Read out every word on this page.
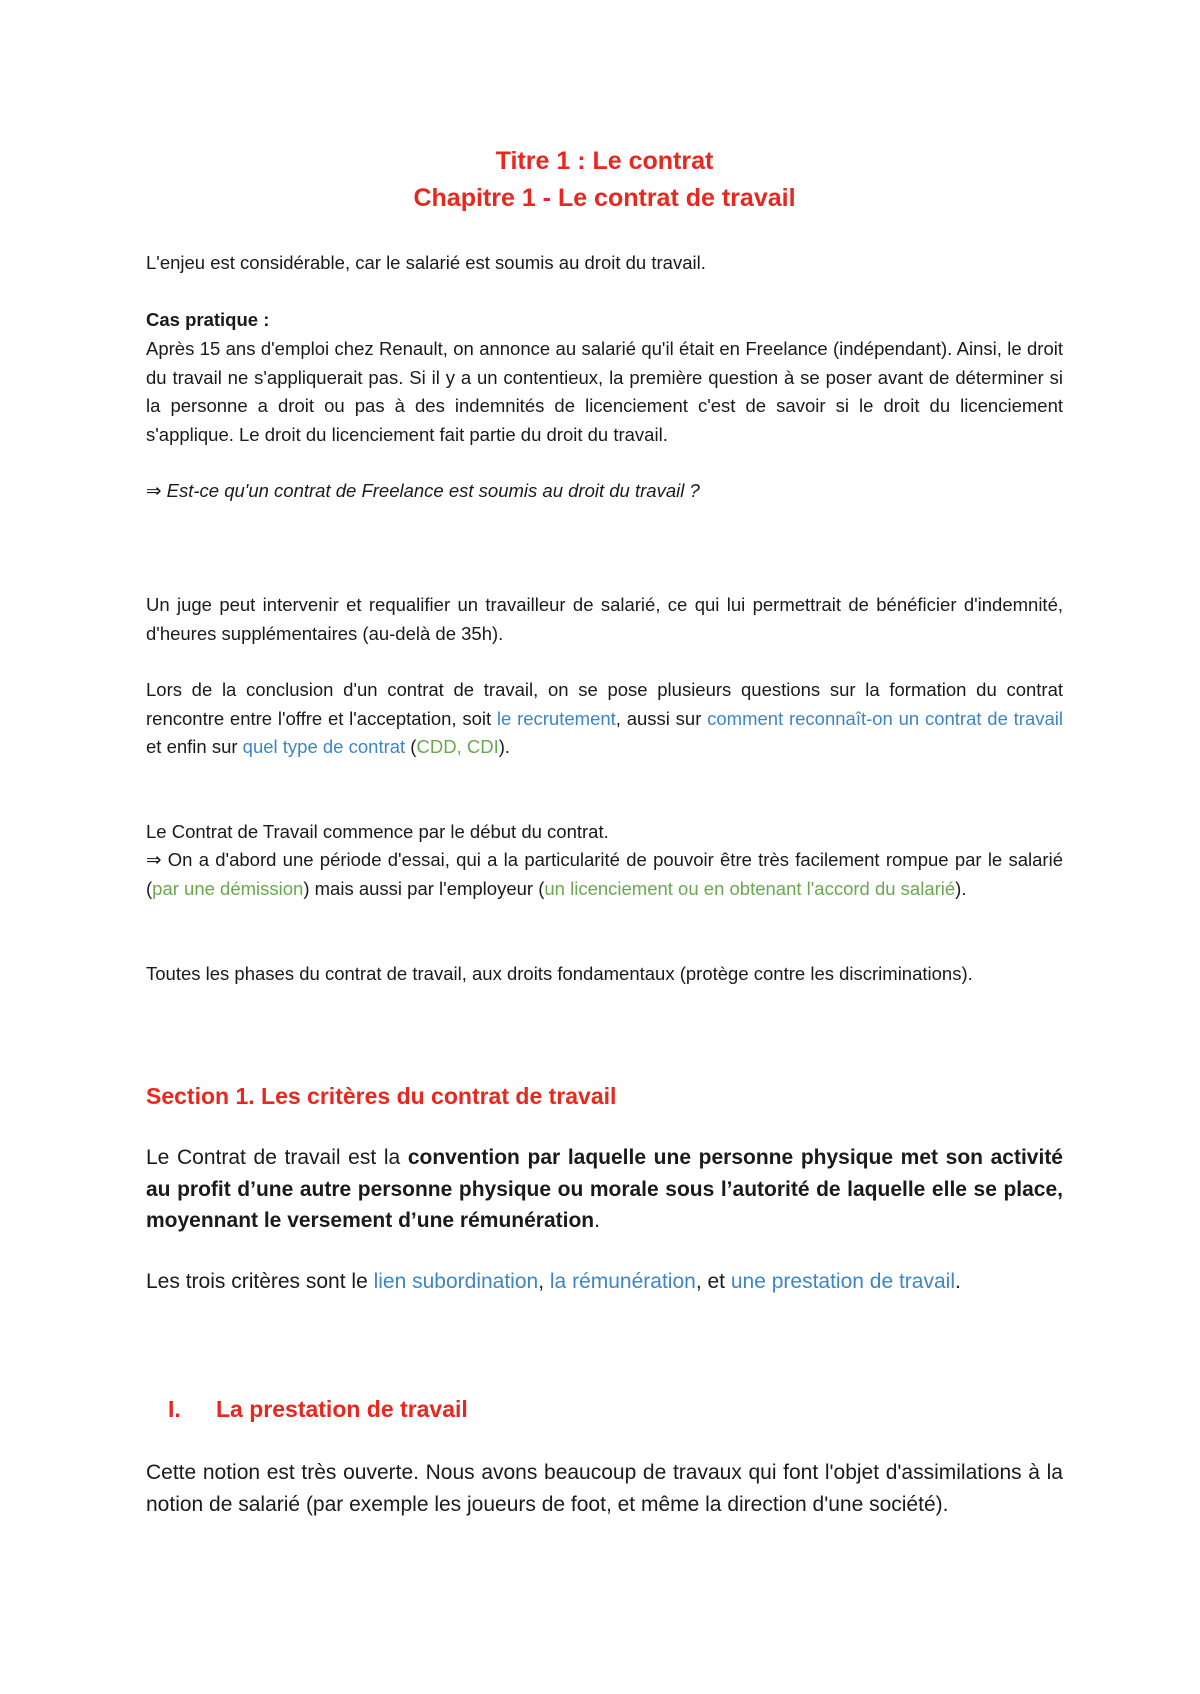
Titre 1 : Le contrat
Chapitre 1 - Le contrat de travail

L'enjeu est considérable, car le salarié est soumis au droit du travail.

Cas pratique :

Après 15 ans d'emploi chez Renault, on annonce au salarié qu'il était en Freelance (indépendant). Ainsi, le droit du travail ne s'appliquerait pas. Si il y a un contentieux, la première question à se poser avant de déterminer si la personne a droit ou pas à des indemnités de licenciement c'est de savoir si le droit du licenciement s'applique. Le droit du licenciement fait partie du droit du travail.

⇒ Est-ce qu'un contrat de Freelance est soumis au droit du travail ?

Un juge peut intervenir et requalifier un travailleur de salarié, ce qui lui permettrait de bénéficier d'indemnité, d'heures supplémentaires (au-delà de 35h).

Lors de la conclusion d'un contrat de travail, on se pose plusieurs questions sur la formation du contrat rencontre entre l'offre et l'acceptation, soit le recrutement, aussi sur comment reconnaît-on un contrat de travail et enfin sur quel type de contrat (CDD, CDI).

Le Contrat de Travail commence par le début du contrat.

⇒ On a d'abord une période d'essai, qui a la particularité de pouvoir être très facilement rompue par le salarié (par une démission) mais aussi par l'employeur (un licenciement ou en obtenant l'accord du salarié).

Toutes les phases du contrat de travail, aux droits fondamentaux (protège contre les discriminations).

Section 1. Les critères du contrat de travail

Le Contrat de travail est la convention par laquelle une personne physique met son activité au profit d’une autre personne physique ou morale sous l’autorité de laquelle elle se place, moyennant le versement d’une rémunération.

Les trois critères sont le lien subordination, la rémunération, et une prestation de travail.

I. La prestation de travail

Cette notion est très ouverte. Nous avons beaucoup de travaux qui font l'objet d'assimilations à la notion de salarié (par exemple les joueurs de foot, et même la direction d'une société).
